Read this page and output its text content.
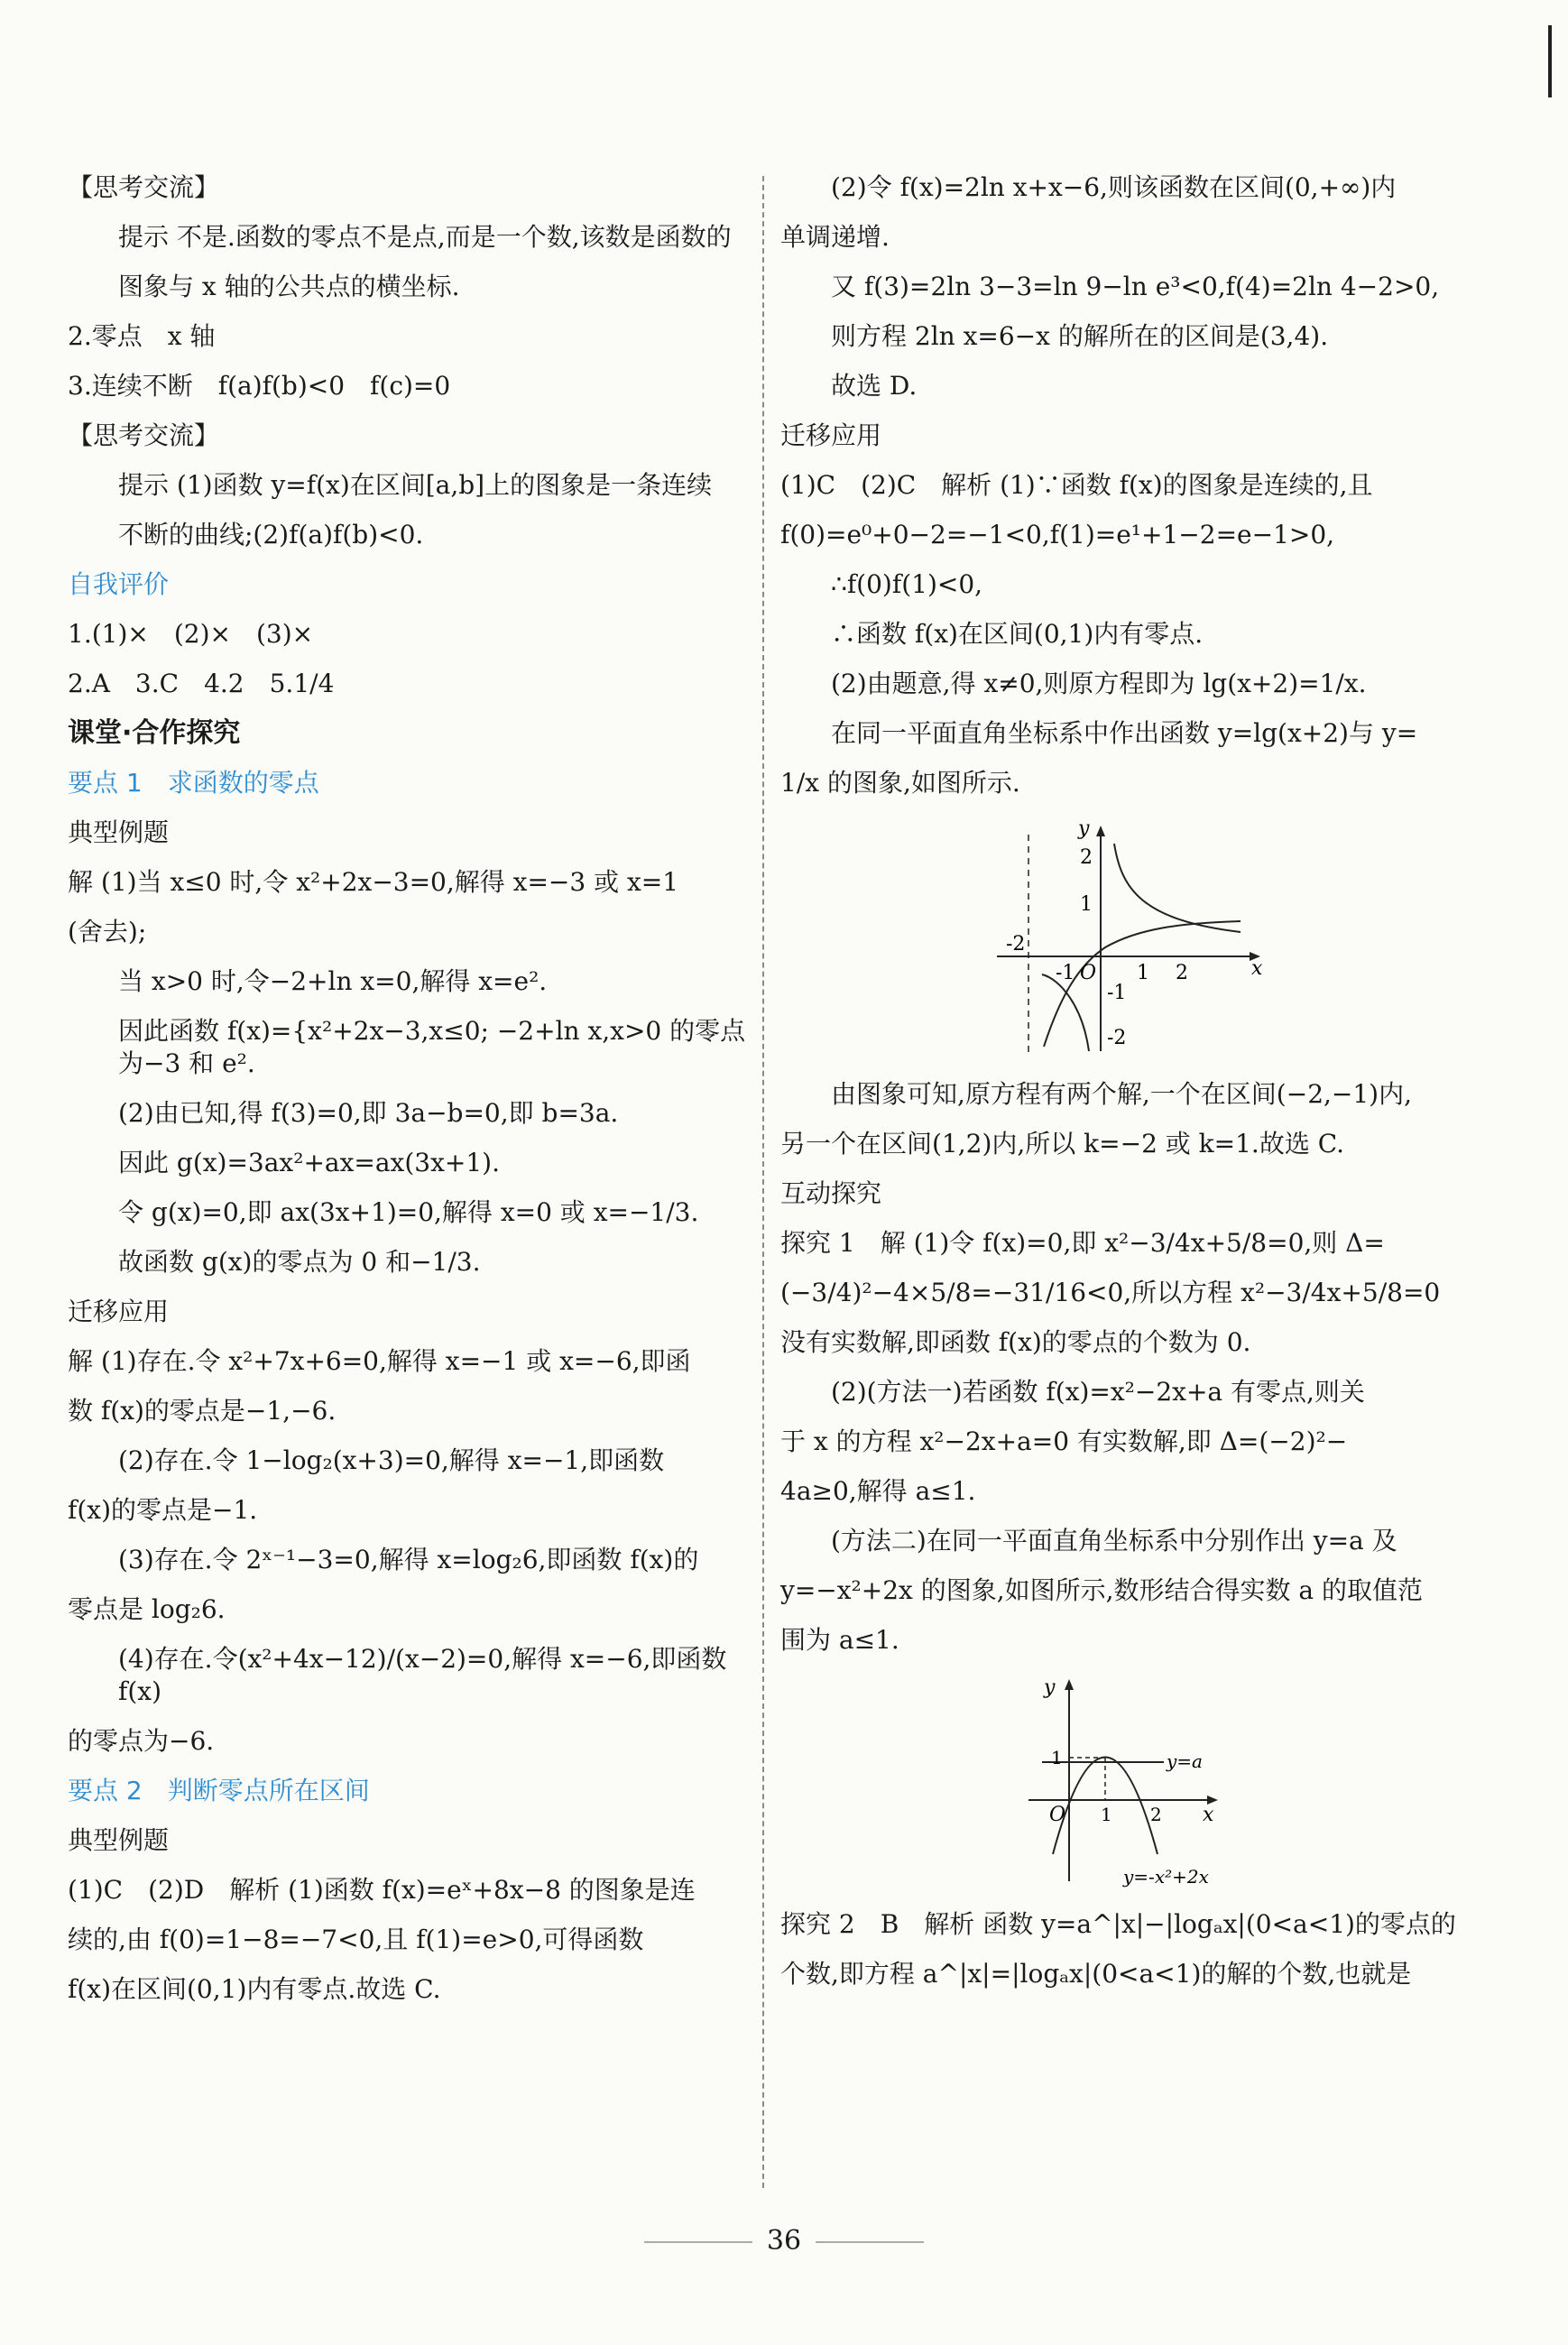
【思考交流】
提示 不是.函数的零点不是点,而是一个数,该数是函数的
图象与 x 轴的公共点的横坐标.
2.零点　x 轴
3.连续不断　f(a)f(b)<0　f(c)=0
【思考交流】
提示 (1)函数 y=f(x)在区间[a,b]上的图象是一条连续
不断的曲线;(2)f(a)f(b)<0.
自我评价
1.(1)×　(2)×　(3)×
2.A　3.C　4.2　5.1/4
课堂·合作探究
要点 1　求函数的零点
典型例题
解 (1)当 x≤0 时,令 x²+2x−3=0,解得 x=−3 或 x=1
(舍去);
当 x>0 时,令−2+ln x=0,解得 x=e².
因此函数 f(x)={x²+2x−3,x≤0; −2+ln x,x>0 的零点为−3 和 e².
(2)由已知,得 f(3)=0,即 3a−b=0,即 b=3a.
因此 g(x)=3ax²+ax=ax(3x+1).
令 g(x)=0,即 ax(3x+1)=0,解得 x=0 或 x=−1/3.
故函数 g(x)的零点为 0 和−1/3.
迁移应用
解 (1)存在.令 x²+7x+6=0,解得 x=−1 或 x=−6,即函
数 f(x)的零点是−1,−6.
(2)存在.令 1−log₂(x+3)=0,解得 x=−1,即函数
f(x)的零点是−1.
(3)存在.令 2ˣ⁻¹−3=0,解得 x=log₂6,即函数 f(x)的
零点是 log₂6.
(4)存在.令(x²+4x−12)/(x−2)=0,解得 x=−6,即函数 f(x)
的零点为−6.
要点 2　判断零点所在区间
典型例题
(1)C　(2)D　解析 (1)函数 f(x)=eˣ+8x−8 的图象是连
续的,由 f(0)=1−8=−7<0,且 f(1)=e>0,可得函数
f(x)在区间(0,1)内有零点.故选 C.
(2)令 f(x)=2ln x+x−6,则该函数在区间(0,+∞)内
单调递增.
又 f(3)=2ln 3−3=ln 9−ln e³<0,f(4)=2ln 4−2>0,
则方程 2ln x=6−x 的解所在的区间是(3,4).
故选 D.
迁移应用
(1)C　(2)C　解析 (1)∵函数 f(x)的图象是连续的,且
f(0)=e⁰+0−2=−1<0,f(1)=e¹+1−2=e−1>0,
∴f(0)f(1)<0,
∴函数 f(x)在区间(0,1)内有零点.
(2)由题意,得 x≠0,则原方程即为 lg(x+2)=1/x.
在同一平面直角坐标系中作出函数 y=lg(x+2)与 y=
1/x 的图象,如图所示.
x
y
-2
-1 O 1 2
2
1
-1
-2
由图象可知,原方程有两个解,一个在区间(−2,−1)内,
另一个在区间(1,2)内,所以 k=−2 或 k=1.故选 C.
互动探究
探究 1　解 (1)令 f(x)=0,即 x²−3/4x+5/8=0,则 Δ=
(−3/4)²−4×5/8=−31/16<0,所以方程 x²−3/4x+5/8=0
没有实数解,即函数 f(x)的零点的个数为 0.
(2)(方法一)若函数 f(x)=x²−2x+a 有零点,则关
于 x 的方程 x²−2x+a=0 有实数解,即 Δ=(−2)²−
4a≥0,解得 a≤1.
(方法二)在同一平面直角坐标系中分别作出 y=a 及
y=−x²+2x 的图象,如图所示,数形结合得实数 a 的取值范
围为 a≤1.
x
y
1
O 1 2
y=a
y=-x²+2x
探究 2　B　解析 函数 y=a^|x|−|logₐx|(0<a<1)的零点的
个数,即方程 a^|x|=|logₐx|(0<a<1)的解的个数,也就是
36
